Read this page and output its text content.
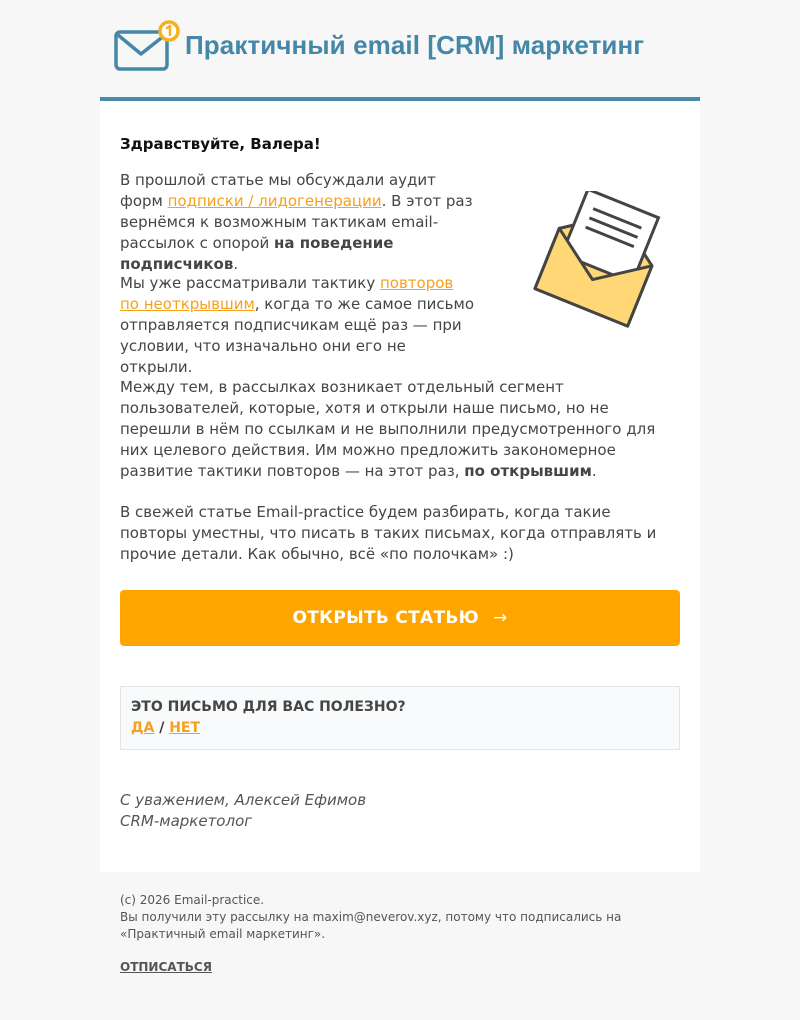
Практичный email [CRM] маркетинг
Здравствуйте, Валера!
В прошлой статье мы обсуждали аудит форм подписки / лидогенерации. В этот раз вернёмся к возможным тактикам email-рассылок с опорой на поведение подписчиков.
Мы уже рассматривали тактику повторов
по неоткрывшим, когда то же самое письмо отправляется подписчикам ещё раз — при условии, что изначально они его не открыли.
Между тем, в рассылках возникает отдельный сегмент пользователей, которые, хотя и открыли наше письмо, но не перешли в нём по ссылкам и не выполнили предусмотренного для них целевого действия. Им можно предложить закономерное развитие тактики повторов — на этот раз, по открывшим.
В свежей статье Email-practice будем разбирать, когда такие повторы уместны, что писать в таких письмах, когда отправлять и прочие детали. Как обычно, всё «по полочкам» :)
ОТКРЫТЬ СТАТЬЮ →
ЭТО ПИСЬМО ДЛЯ ВАС ПОЛЕЗНО?
ДА / НЕТ
С уважением, Алексей Ефимов
CRM-маркетолог
(c) 2026 Email-practice.
Вы получили эту рассылку на maxim@neverov.xyz, потому что подписались на «Практичный email маркетинг».
ОТПИСАТЬСЯ
